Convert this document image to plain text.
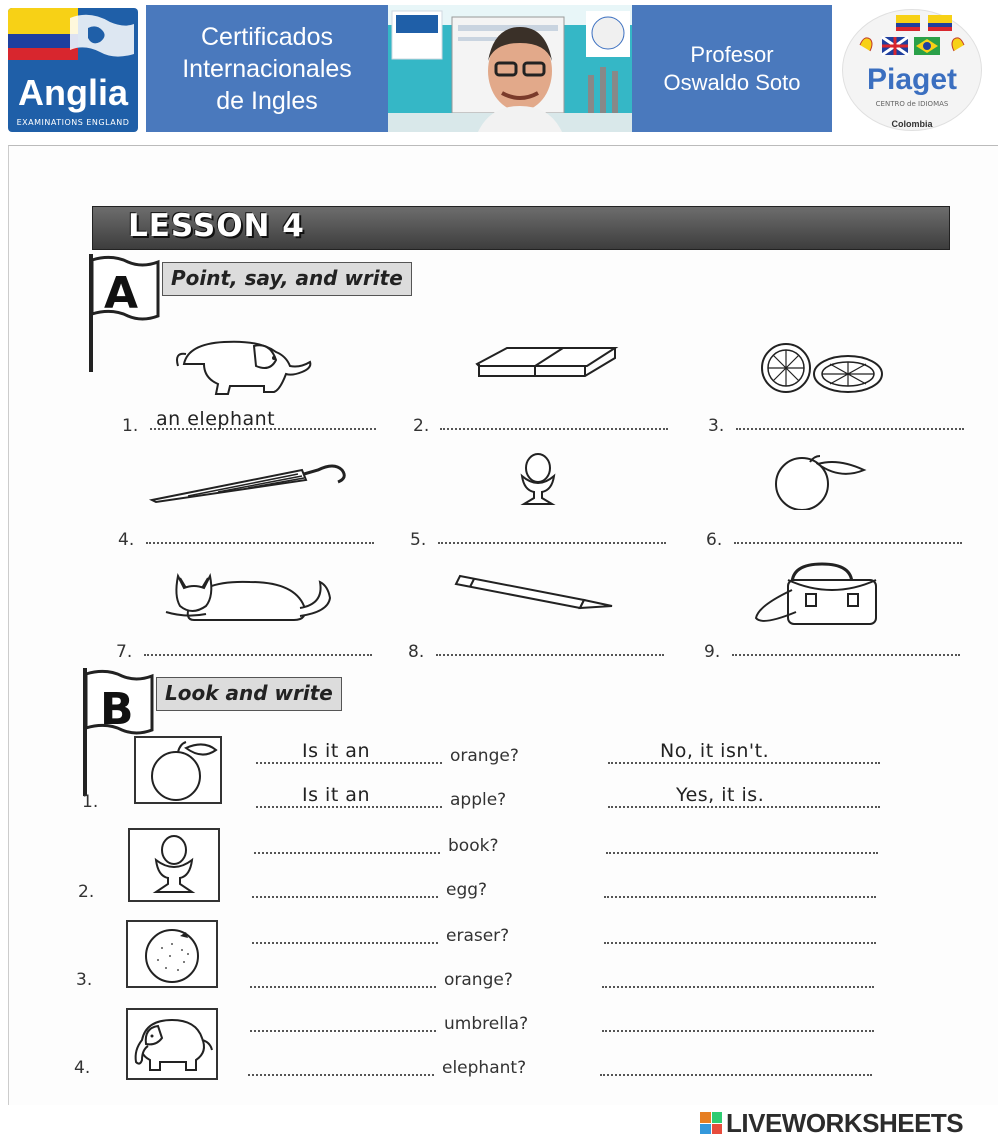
Anglia
EXAMINATIONS ENGLAND
Certificados
Internacionales
de Ingles
Profesor
Oswaldo Soto	Piaget
CENTRO de IDIOMAS
Colombia
LESSON 4
A	Point, say, and write
1. an elephant	2.	3.
4.	5.	6.
7.	8.	9.
B	Look and write
1.
Is it an	orange?	No, it isn't.
Is it an	apple?	Yes, it is.
2.
book?
egg?
3.
eraser?
orange?
4.
umbrella?
elephant?
LIVEWORKSHEETS
